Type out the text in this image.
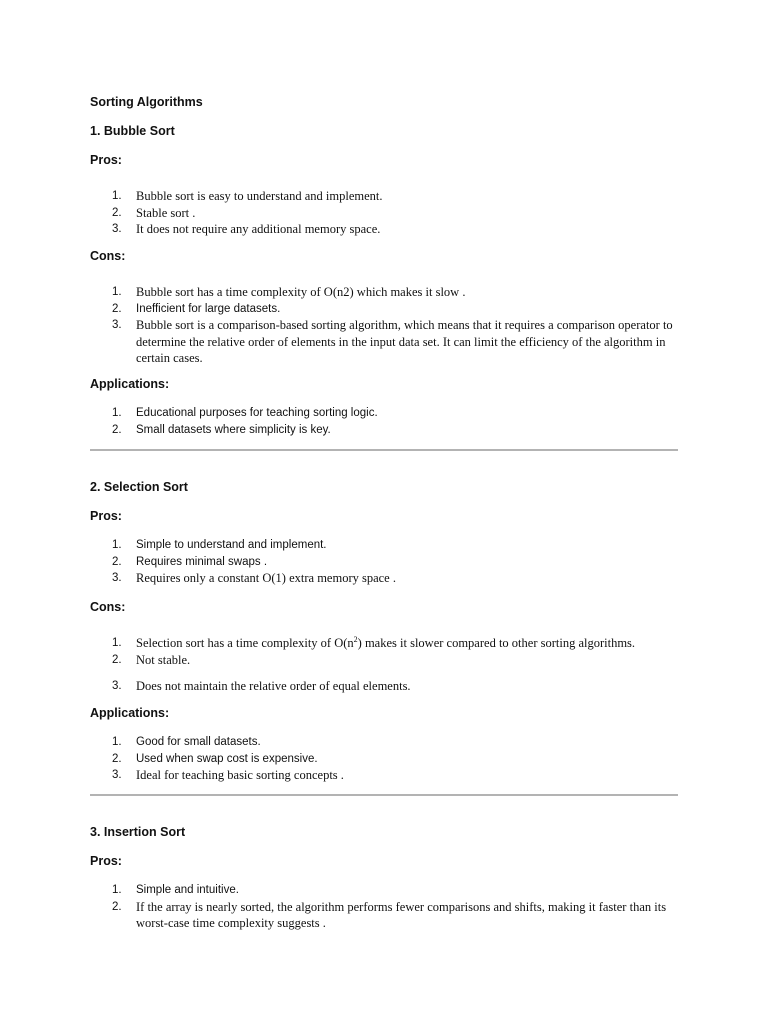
Sorting Algorithms
1. Bubble Sort
Pros:
1. Bubble sort is easy to understand and implement.
2. Stable sort .
3. It does not require any additional memory space.
Cons:
1. Bubble sort has a time complexity of O(n2) which makes it slow .
2. Inefficient for large datasets.
3. Bubble sort is a comparison-based sorting algorithm, which means that it requires a comparison operator to determine the relative order of elements in the input data set. It can limit the efficiency of the algorithm in certain cases.
Applications:
1. Educational purposes for teaching sorting logic.
2. Small datasets where simplicity is key.
2. Selection Sort
Pros:
1. Simple to understand and implement.
2. Requires minimal swaps .
3. Requires only a constant O(1) extra memory space .
Cons:
1. Selection sort has a time complexity of $O(n^2)$ makes it slower compared to other sorting algorithms.
2. Not stable.
3. Does not maintain the relative order of equal elements.
Applications:
1. Good for small datasets.
2. Used when swap cost is expensive.
3. Ideal for teaching basic sorting concepts .
3. Insertion Sort
Pros:
1. Simple and intuitive.
2. If the array is nearly sorted, the algorithm performs fewer comparisons and shifts, making it faster than its worst-case time complexity suggests .
